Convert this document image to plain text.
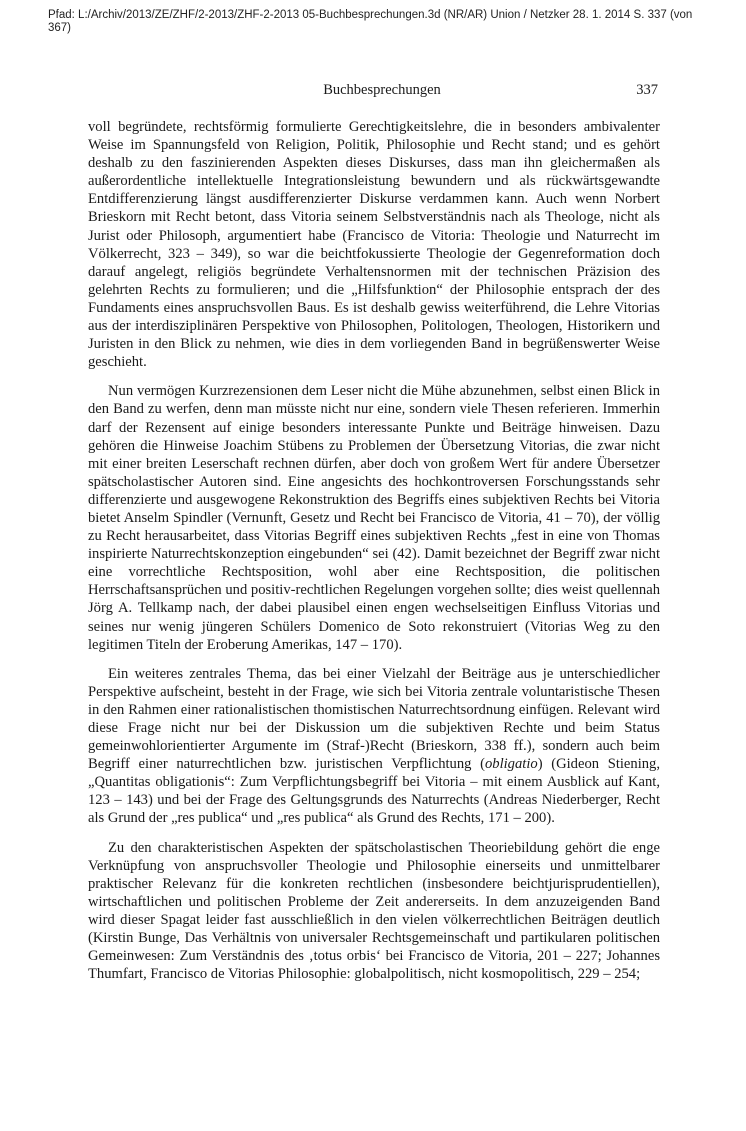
Pfad: L:/Archiv/2013/ZE/ZHF/2-2013/ZHF-2-2013 05-Buchbesprechungen.3d (NR/AR) Union / Netzker 28. 1. 2014 S. 337 (von 367)
Buchbesprechungen	337

voll begründete, rechtsförmig formulierte Gerechtigkeitslehre, die in besonders ambivalenter Weise im Spannungsfeld von Religion, Politik, Philosophie und Recht stand; und es gehört deshalb zu den faszinierenden Aspekten dieses Diskurses, dass man ihn gleichermaßen als außerordentliche intellektuelle Integrationsleistung bewundern und als rückwärtsgewandte Entdifferenzierung längst ausdifferenzierter Diskurse verdammen kann. Auch wenn Norbert Brieskorn mit Recht betont, dass Vitoria seinem Selbstverständnis nach als Theologe, nicht als Jurist oder Philosoph, argumentiert habe (Francisco de Vitoria: Theologie und Naturrecht im Völkerrecht, 323 – 349), so war die beichtfokussierte Theologie der Gegenreformation doch darauf angelegt, religiös begründete Verhaltensnormen mit der technischen Präzision des gelehrten Rechts zu formulieren; und die „Hilfsfunktion“ der Philosophie entsprach der des Fundaments eines anspruchsvollen Baus. Es ist deshalb gewiss weiterführend, die Lehre Vitorias aus der interdisziplinären Perspektive von Philosophen, Politologen, Theologen, Historikern und Juristen in den Blick zu nehmen, wie dies in dem vorliegenden Band in begrüßenswerter Weise geschieht.

Nun vermögen Kurzrezensionen dem Leser nicht die Mühe abzunehmen, selbst einen Blick in den Band zu werfen, denn man müsste nicht nur eine, sondern viele Thesen referieren. Immerhin darf der Rezensent auf einige besonders interessante Punkte und Beiträge hinweisen. Dazu gehören die Hinweise Joachim Stübens zu Problemen der Übersetzung Vitorias, die zwar nicht mit einer breiten Leserschaft rechnen dürfen, aber doch von großem Wert für andere Übersetzer spätscholastischer Autoren sind. Eine angesichts des hochkontroversen Forschungsstands sehr differenzierte und ausgewogene Rekonstruktion des Begriffs eines subjektiven Rechts bei Vitoria bietet Anselm Spindler (Vernunft, Gesetz und Recht bei Francisco de Vitoria, 41 – 70), der völlig zu Recht herausarbeitet, dass Vitorias Begriff eines subjektiven Rechts „fest in eine von Thomas inspirierte Naturrechtskonzeption eingebunden“ sei (42). Damit bezeichnet der Begriff zwar nicht eine vorrechtliche Rechtsposition, wohl aber eine Rechtsposition, die politischen Herrschaftsansprüchen und positiv-rechtlichen Regelungen vorgehen sollte; dies weist quellennah Jörg A. Tellkamp nach, der dabei plausibel einen engen wechselseitigen Einfluss Vitorias und seines nur wenig jüngeren Schülers Domenico de Soto rekonstruiert (Vitorias Weg zu den legitimen Titeln der Eroberung Amerikas, 147 – 170).

Ein weiteres zentrales Thema, das bei einer Vielzahl der Beiträge aus je unterschiedlicher Perspektive aufscheint, besteht in der Frage, wie sich bei Vitoria zentrale voluntaristische Thesen in den Rahmen einer rationalistischen thomistischen Naturrechtsordnung einfügen. Relevant wird diese Frage nicht nur bei der Diskussion um die subjektiven Rechte und beim Status gemeinwohlorientierter Argumente im (Straf-)Recht (Brieskorn, 338 ff.), sondern auch beim Begriff einer naturrechtlichen bzw. juristischen Verpflichtung (obligatio) (Gideon Stiening, „Quantitas obligationis“: Zum Verpflichtungsbegriff bei Vitoria – mit einem Ausblick auf Kant, 123 – 143) und bei der Frage des Geltungsgrunds des Naturrechts (Andreas Niederberger, Recht als Grund der „res publica“ und „res publica“ als Grund des Rechts, 171 – 200).

Zu den charakteristischen Aspekten der spätscholastischen Theoriebildung gehört die enge Verknüpfung von anspruchsvoller Theologie und Philosophie einerseits und unmittelbarer praktischer Relevanz für die konkreten rechtlichen (insbesondere beichtjurisprudentiellen), wirtschaftlichen und politischen Probleme der Zeit andererseits. In dem anzuzeigenden Band wird dieser Spagat leider fast ausschließlich in den vielen völkerrechtlichen Beiträgen deutlich (Kirstin Bunge, Das Verhältnis von universaler Rechtsgemeinschaft und partikularen politischen Gemeinwesen: Zum Verständnis des ‚totus orbis‘ bei Francisco de Vitoria, 201 – 227; Johannes Thumfart, Francisco de Vitorias Philosophie: globalpolitisch, nicht kosmopolitisch, 229 – 254;
